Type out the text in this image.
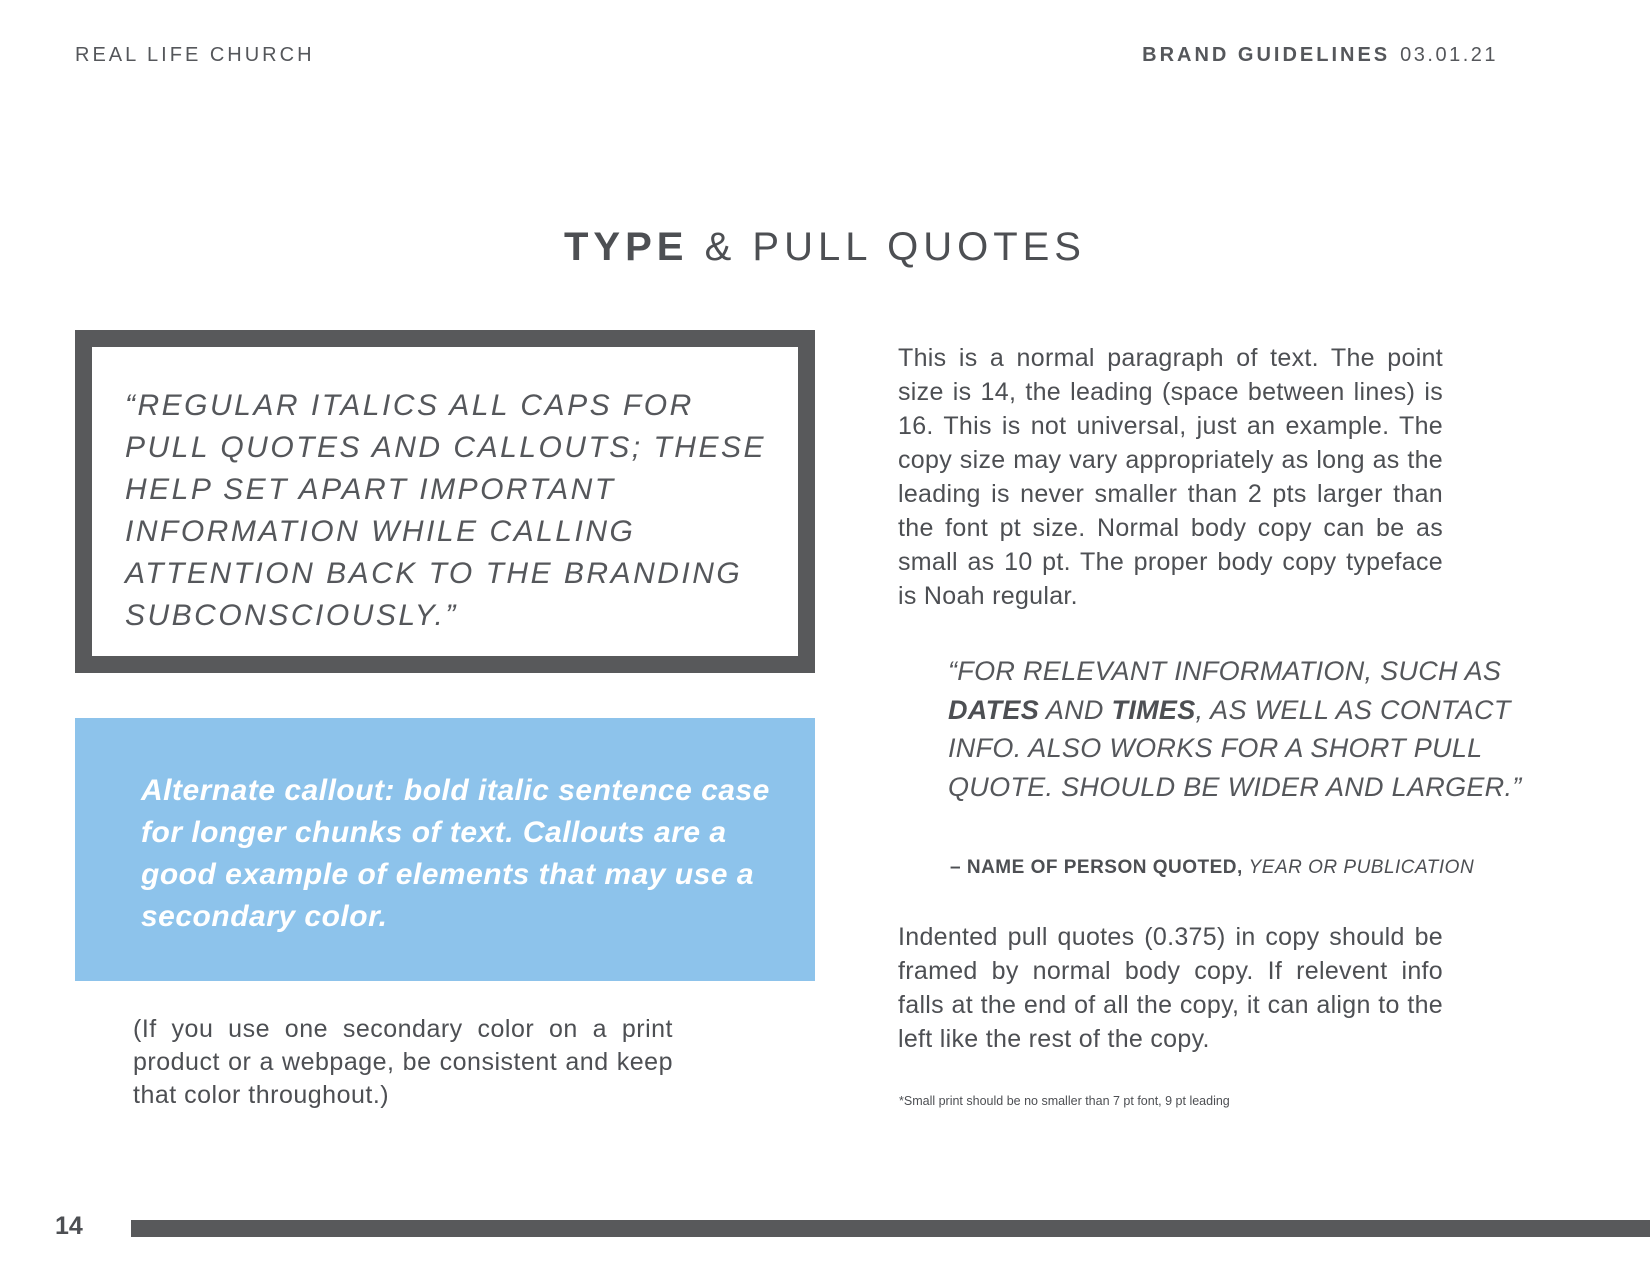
REAL LIFE CHURCH	BRAND GUIDELINES 03.01.21
TYPE & PULL QUOTES
“REGULAR ITALICS ALL CAPS FOR PULL QUOTES AND CALLOUTS; THESE HELP SET APART IMPORTANT INFORMATION WHILE CALLING ATTENTION BACK TO THE BRANDING SUBCONSCIOUSLY.”
Alternate callout: bold italic sentence case for longer chunks of text. Callouts are a good example of elements that may use a secondary color.
(If you use one secondary color on a print product or a webpage, be consistent and keep that color throughout.)
This is a normal paragraph of text. The point size is 14, the leading (space between lines) is 16. This is not universal, just an example. The copy size may vary appropriately as long as the leading is never smaller than 2 pts larger than the font pt size. Normal body copy can be as small as 10 pt. The proper body copy typeface is Noah regular.
“FOR RELEVANT INFORMATION, SUCH AS DATES AND TIMES, AS WELL AS CONTACT INFO. ALSO WORKS FOR A SHORT PULL QUOTE. SHOULD BE WIDER AND LARGER.”
– NAME OF PERSON QUOTED, YEAR OR PUBLICATION
Indented pull quotes (0.375) in copy should be framed by normal body copy. If relevent info falls at the end of all the copy, it can align to the left like the rest of the copy.
*Small print should be no smaller than 7 pt font, 9 pt leading
14
